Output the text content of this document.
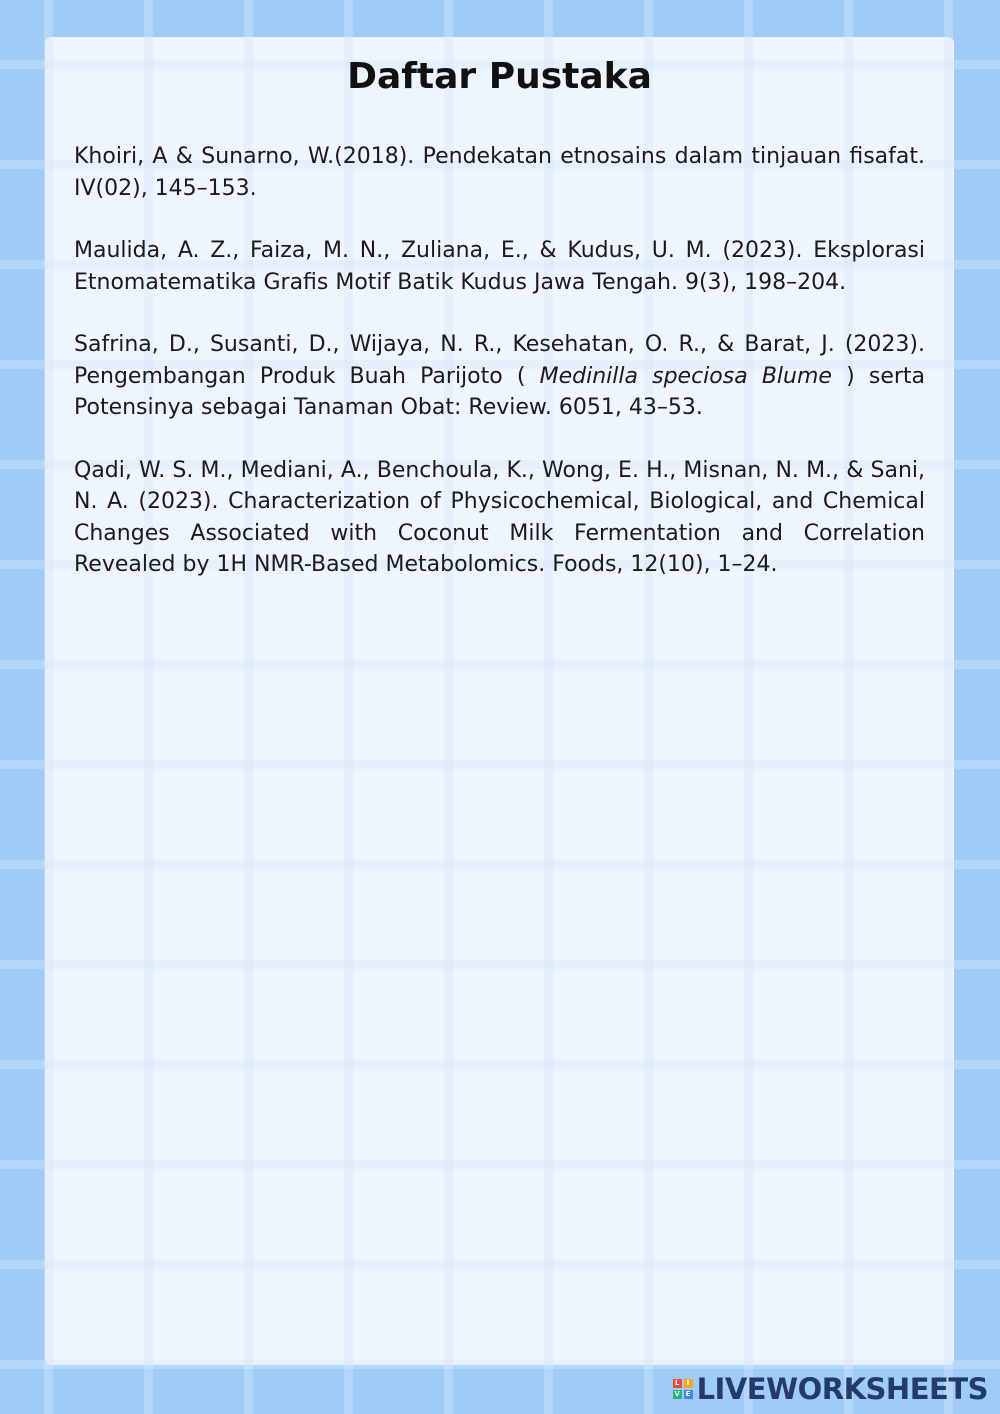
Daftar Pustaka

Khoiri, A & Sunarno, W.(2018). Pendekatan etnosains dalam tinjauan fisafat. IV(02), 145–153.

Maulida, A. Z., Faiza, M. N., Zuliana, E., & Kudus, U. M. (2023). Eksplorasi Etnomatematika Grafis Motif Batik Kudus Jawa Tengah. 9(3), 198–204.

Safrina, D., Susanti, D., Wijaya, N. R., Kesehatan, O. R., & Barat, J. (2023). Pengembangan Produk Buah Parijoto ( Medinilla speciosa Blume ) serta Potensinya sebagai Tanaman Obat: Review. 6051, 43–53.

Qadi, W. S. M., Mediani, A., Benchoula, K., Wong, E. H., Misnan, N. M., & Sani, N. A. (2023). Characterization of Physicochemical, Biological, and Chemical Changes Associated with Coconut Milk Fermentation and Correlation Revealed by 1H NMR-Based Metabolomics. Foods, 12(10), 1–24.

L	I
V E LIVEWORKSHEETS
